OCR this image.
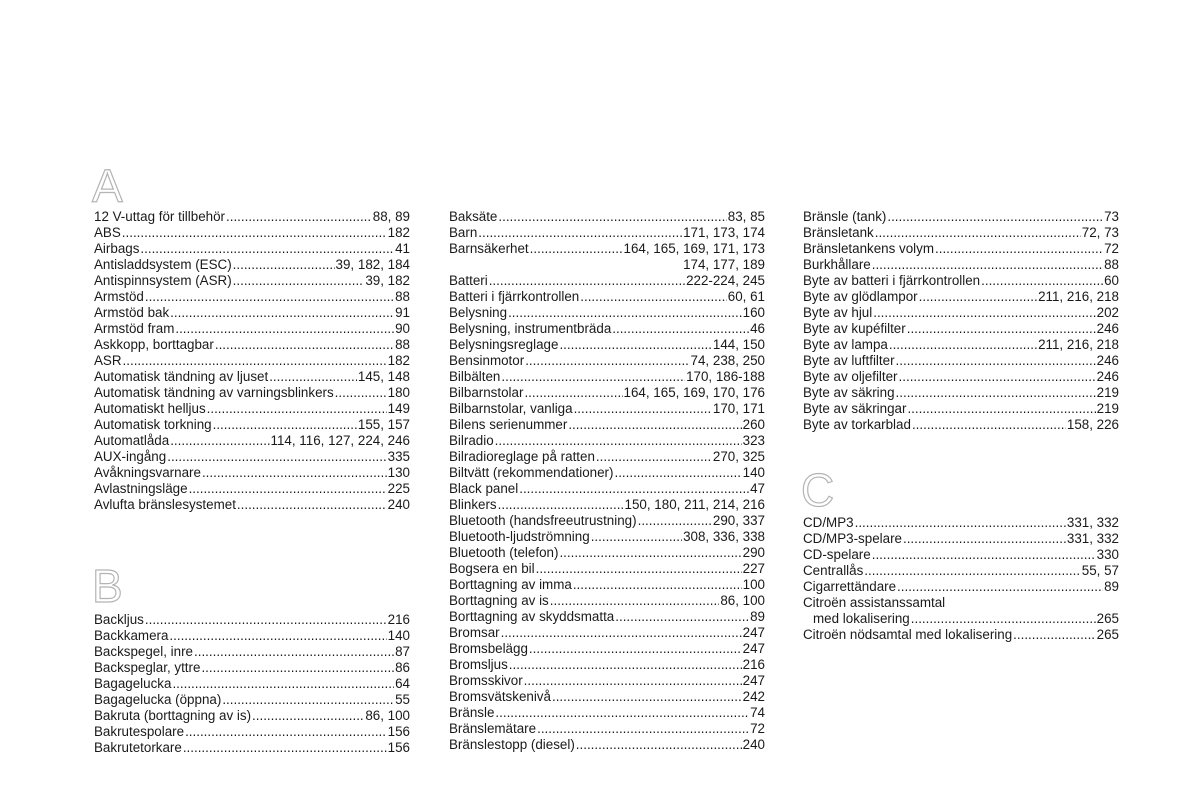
A
12 V-uttag för tillbehör .....	88, 89
ABS .....	182
Airbags .....	41
Antisladdsystem (ESC) .....	39, 182, 184
Antispinnsystem (ASR) .....	39, 182
Armstöd .....	88
Armstöd bak .....	91
Armstöd fram .....	90
Askkopp, borttagbar .....	88
ASR .....	182
Automatisk tändning av ljuset .....	145, 148
Automatisk tändning av varningsblinkers .....	180
Automatiskt helljus .....	149
Automatisk torkning .....	155, 157
Automatlåda .....	114, 116, 127, 224, 246
AUX-ingång .....	335
Avåkningsvarnare .....	130
Avlastningsläge .....	225
Avlufta bränslesystemet .....	240
B
Backljus .....	216
Backkamera .....	140
Backspegel, inre .....	87
Backspeglar, yttre .....	86
Bagagelucka .....	64
Bagagelucka (öppna) .....	55
Bakruta (borttagning av is) .....	86, 100
Bakrutespolare .....	156
Bakrutetorkare .....	156
Baksäte .....	83, 85
Barn .....	171, 173, 174
Barnsäkerhet .....	164, 165, 169, 171, 173
174, 177, 189
Batteri .....	222-224, 245
Batteri i fjärrkontrollen .....	60, 61
Belysning .....	160
Belysning, instrumentbräda .....	46
Belysningsreglage .....	144, 150
Bensinmotor .....	74, 238, 250
Bilbälten .....	170, 186-188
Bilbarnstolar .....	164, 165, 169, 170, 176
Bilbarnstolar, vanliga .....	170, 171
Bilens serienummer .....	260
Bilradio .....	323
Bilradioreglage på ratten .....	270, 325
Biltvätt (rekommendationer) .....	140
Black panel .....	47
Blinkers .....	150, 180, 211, 214, 216
Bluetooth (handsfreeutrustning) .....	290, 337
Bluetooth-ljudströmning .....	308, 336, 338
Bluetooth (telefon) .....	290
Bogsera en bil .....	227
Borttagning av imma .....	100
Borttagning av is .....	86, 100
Borttagning av skyddsmatta .....	89
Bromsar .....	247
Bromsbelägg .....	247
Bromsljus .....	216
Bromsskivor .....	247
Bromsvätskenivå .....	242
Bränsle .....	74
Bränslemätare .....	72
Bränslestopp (diesel) .....	240
Bränsle (tank) .....	73
Bränsletank .....	72, 73
Bränsletankens volym .....	72
Burkhållare .....	88
Byte av batteri i fjärrkontrollen .....	60
Byte av glödlampor .....	211, 216, 218
Byte av hjul .....	202
Byte av kupéfilter .....	246
Byte av lampa .....	211, 216, 218
Byte av luftfilter .....	246
Byte av oljefilter .....	246
Byte av säkring .....	219
Byte av säkringar .....	219
Byte av torkarblad .....	158, 226
C
CD/MP3 .....	331, 332
CD/MP3-spelare .....	331, 332
CD-spelare .....	330
Centrallås .....	55, 57
Cigarrettändare .....	89
Citroën assistanssamtal
med lokalisering .....	265
Citroën nödsamtal med lokalisering .....	265
